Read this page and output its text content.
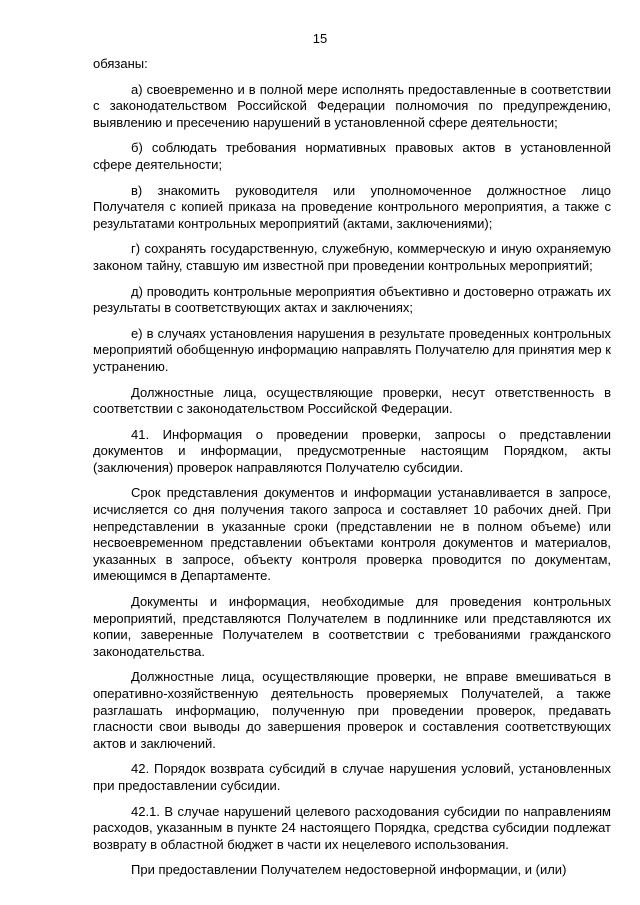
15

обязаны:

а) своевременно и в полной мере исполнять предоставленные в соответствии с законодательством Российской Федерации полномочия по предупреждению, выявлению и пресечению нарушений в установленной сфере деятельности;

б) соблюдать требования нормативных правовых актов в установленной сфере деятельности;

в) знакомить руководителя или уполномоченное должностное лицо Получателя с копией приказа на проведение контрольного мероприятия, а также с результатами контрольных мероприятий (актами, заключениями);

г) сохранять государственную, служебную, коммерческую и иную охраняемую законом тайну, ставшую им известной при проведении контрольных мероприятий;

д) проводить контрольные мероприятия объективно и достоверно отражать их результаты в соответствующих актах и заключениях;

е) в случаях установления нарушения в результате проведенных контрольных мероприятий обобщенную информацию направлять Получателю для принятия мер к устранению.

Должностные лица, осуществляющие проверки, несут ответственность в соответствии с законодательством Российской Федерации.

41. Информация о проведении проверки, запросы о представлении документов и информации, предусмотренные настоящим Порядком, акты (заключения) проверок направляются Получателю субсидии.

Срок представления документов и информации устанавливается в запросе, исчисляется со дня получения такого запроса и составляет 10 рабочих дней. При непредставлении в указанные сроки (представлении не в полном объеме) или несвоевременном представлении объектами контроля документов и материалов, указанных в запросе, объекту контроля проверка проводится по документам, имеющимся в Департаменте.

Документы и информация, необходимые для проведения контрольных мероприятий, представляются Получателем в подлиннике или представляются их копии, заверенные Получателем в соответствии с требованиями гражданского законодательства.

Должностные лица, осуществляющие проверки, не вправе вмешиваться в оперативно-хозяйственную деятельность проверяемых Получателей, а также разглашать информацию, полученную при проведении проверок, предавать гласности свои выводы до завершения проверок и составления соответствующих актов и заключений.

42. Порядок возврата субсидий в случае нарушения условий, установленных при предоставлении субсидии.

42.1. В случае нарушений целевого расходования субсидии по направлениям расходов, указанным в пункте 24 настоящего Порядка, средства субсидии подлежат возврату в областной бюджет в части их нецелевого использования.

При предоставлении Получателем недостоверной информации, и (или)
